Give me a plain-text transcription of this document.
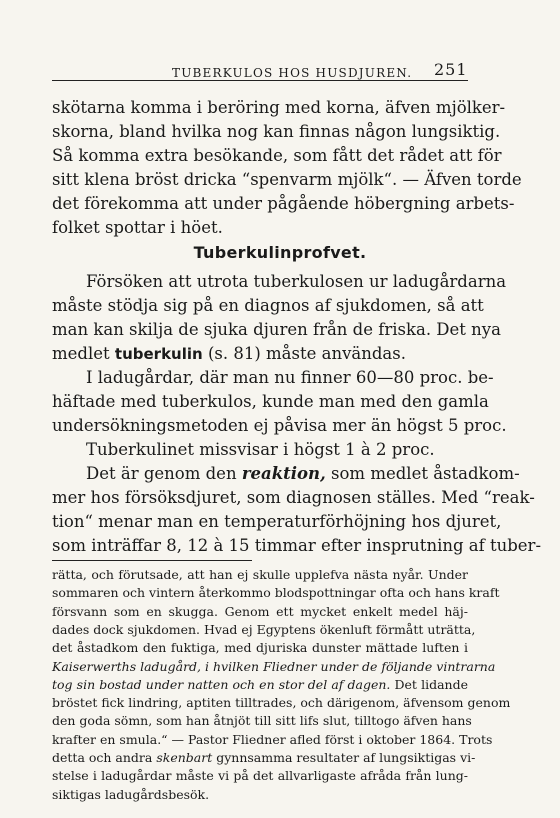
TUBERKULOS HOS HUSDJUREN. 251
skötarna komma i beröring med korna, äfven mjölker-
skorna, bland hvilka nog kan finnas någon lungsiktig.
Så komma extra besökande, som fått det rådet att för
sitt klena bröst dricka “spenvarm mjölk“. — Äfven torde
det förekomma att under pågående höbergning arbets-
folket spottar i höet.
Tuberkulinprofvet.
Försöken att utrota tuberkulosen ur ladugårdarna
måste stödja sig på en diagnos af sjukdomen, så att
man kan skilja de sjuka djuren från de friska. Det nya
medlet tuberkulin (s. 81) måste användas.
I ladugårdar, där man nu finner 60—80 proc. be-
häftade med tuberkulos, kunde man med den gamla
undersökningsmetoden ej påvisa mer än högst 5 proc.
Tuberkulinet missvisar i högst 1 à 2 proc.
Det är genom den reaktion, som medlet åstadkom-
mer hos försöksdjuret, som diagnosen ställes. Med “reak-
tion“ menar man en temperaturförhöjning hos djuret,
som inträffar 8, 12 à 15 timmar efter insprutning af tuber-
rätta, och förutsade, att han ej skulle upplefva nästa nyår. Under
sommaren och vintern återkommo blodspottningar ofta och hans kraft
försvann som en skugga. Genom ett mycket enkelt medel häj-
dades dock sjukdomen. Hvad ej Egyptens ökenluft förmått uträtta,
det åstadkom den fuktiga, med djuriska dunster mättade luften i
Kaiserwerths ladugård, i hvilken Fliedner under de följande vintrarna
tog sin bostad under natten och en stor del af dagen. Det lidande
bröstet fick lindring, aptiten tilltrades, och därigenom, äfvensom genom
den goda sömn, som han åtnjöt till sitt lifs slut, tilltogo äfven hans
krafter en smula.“ — Pastor Fliedner afled först i oktober 1864. Trots
detta och andra skenbart gynnsamma resultater af lungsiktigas vi-
stelse i ladugårdar måste vi på det allvarligaste afråda från lung-
siktigas ladugårdsbesök.
